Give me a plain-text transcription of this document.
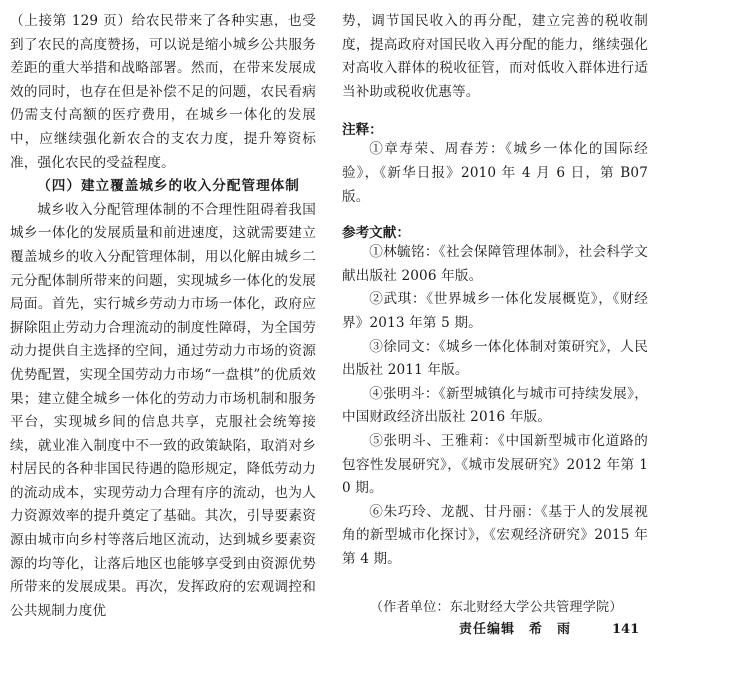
（上接第 129 页）给农民带来了各种实惠，也受到了农民的高度赞扬，可以说是缩小城乡公共服务差距的重大举措和战略部署。然而，在带来发展成效的同时，也存在但是补偿不足的问题，农民看病仍需支付高额的医疗费用，在城乡一体化的发展中，应继续强化新农合的支农力度，提升筹资标准，强化农民的受益程度。

（四）建立覆盖城乡的收入分配管理体制

城乡收入分配管理体制的不合理性阻碍着我国城乡一体化的发展质量和前进速度，这就需要建立覆盖城乡的收入分配管理体制，用以化解由城乡二元分配体制所带来的问题，实现城乡一体化的发展局面。首先，实行城乡劳动力市场一体化，政府应摒除阻止劳动力合理流动的制度性障碍，为全国劳动力提供自主选择的空间，通过劳动力市场的资源优势配置，实现全国劳动力市场“一盘棋”的优质效果；建立健全城乡一体化的劳动力市场机制和服务平台，实现城乡间的信息共享，克服社会统筹接续，就业准入制度中不一致的政策缺陷，取消对乡村居民的各种非国民待遇的隐形规定，降低劳动力的流动成本，实现劳动力合理有序的流动，也为人力资源效率的提升奠定了基础。其次，引导要素资源由城市向乡村等落后地区流动，达到城乡要素资源的均等化，让落后地区也能够享受到由资源优势所带来的发展成果。再次，发挥政府的宏观调控和公共规制力度优

势，调节国民收入的再分配，建立完善的税收制度，提高政府对国民收入再分配的能力，继续强化对高收入群体的税收征管，而对低收入群体进行适当补助或税收优惠等。

注释：

①章寿荣、周春芳：《城乡一体化的国际经验》，《新华日报》2010 年 4 月 6 日，第 B07 版。

参考文献：

①林毓铭：《社会保障管理体制》，社会科学文献出版社 2006 年版。

②武琪：《世界城乡一体化发展概览》，《财经界》2013 年第 5 期。

③徐同文：《城乡一体化体制对策研究》，人民出版社 2011 年版。

④张明斗：《新型城镇化与城市可持续发展》，中国财政经济出版社 2016 年版。

⑤张明斗、王雅莉：《中国新型城市化道路的包容性发展研究》，《城市发展研究》2012 年第 10 期。

⑥朱巧玲、龙靓、甘丹丽：《基于人的发展视角的新型城市化探讨》，《宏观经济研究》2015 年第 4 期。

（作者单位：东北财经大学公共管理学院）

责任编辑　希　雨	141
